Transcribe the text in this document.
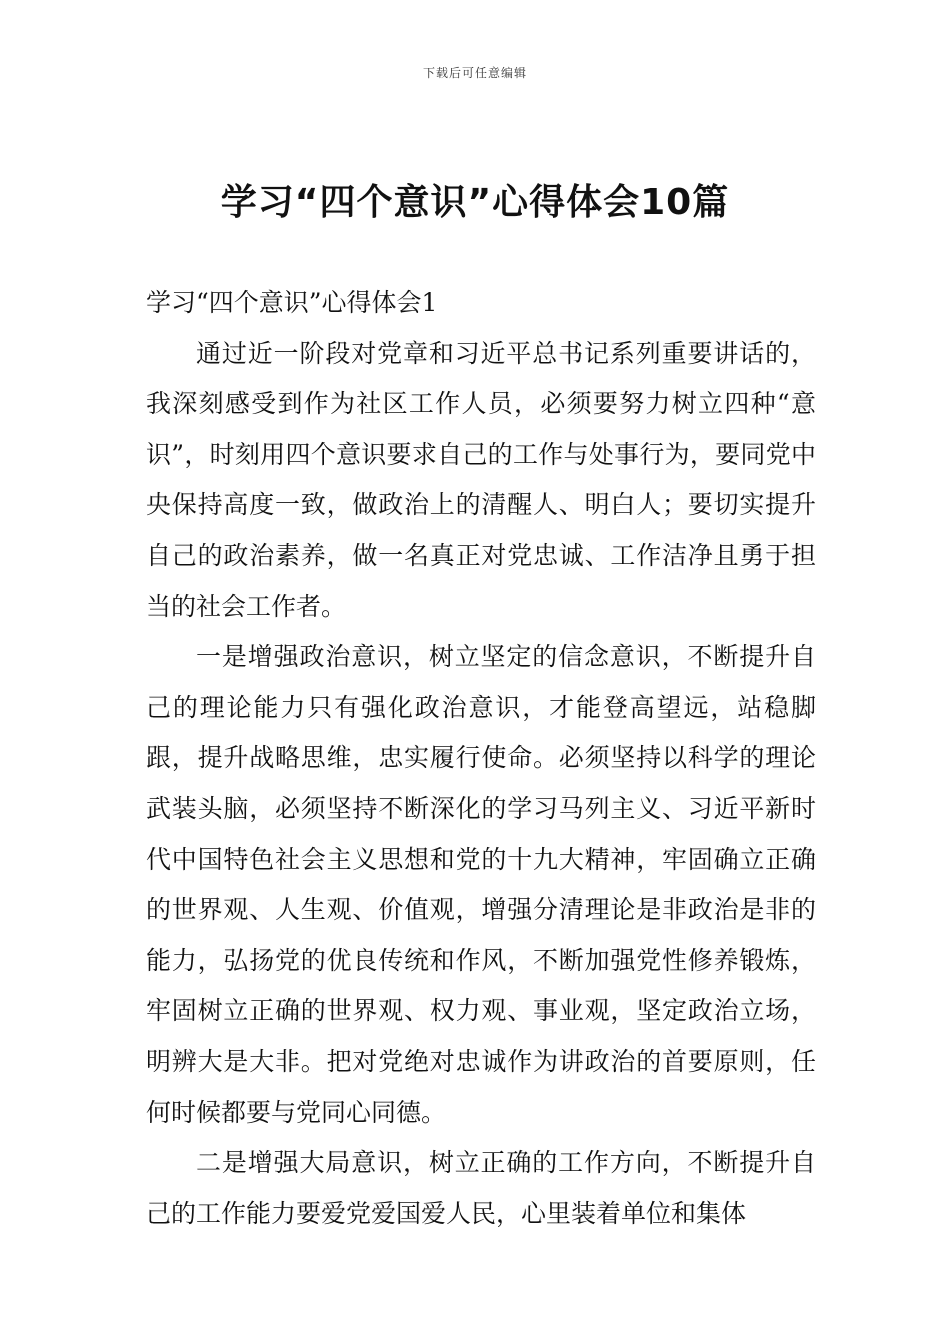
下载后可任意编辑
学习“四个意识”心得体会10篇

学习“四个意识”心得体会1

通过近一阶段对党章和习近平总书记系列重要讲话的，我深刻感受到作为社区工作人员，必须要努力树立四种“意识”，时刻用四个意识要求自己的工作与处事行为，要同党中央保持高度一致，做政治上的清醒人、明白人；要切实提升自己的政治素养，做一名真正对党忠诚、工作洁净且勇于担当的社会工作者。

一是增强政治意识，树立坚定的信念意识，不断提升自己的理论能力只有强化政治意识，才能登高望远，站稳脚跟，提升战略思维，忠实履行使命。必须坚持以科学的理论武装头脑，必须坚持不断深化的学习马列主义、习近平新时代中国特色社会主义思想和党的十九大精神，牢固确立正确的世界观、人生观、价值观，增强分清理论是非政治是非的能力，弘扬党的优良传统和作风，不断加强党性修养锻炼，牢固树立正确的世界观、权力观、事业观，坚定政治立场，明辨大是大非。把对党绝对忠诚作为讲政治的首要原则，任何时候都要与党同心同德。

二是增强大局意识，树立正确的工作方向，不断提升自己的工作能力要爱党爱国爱人民，心里装着单位和集体
